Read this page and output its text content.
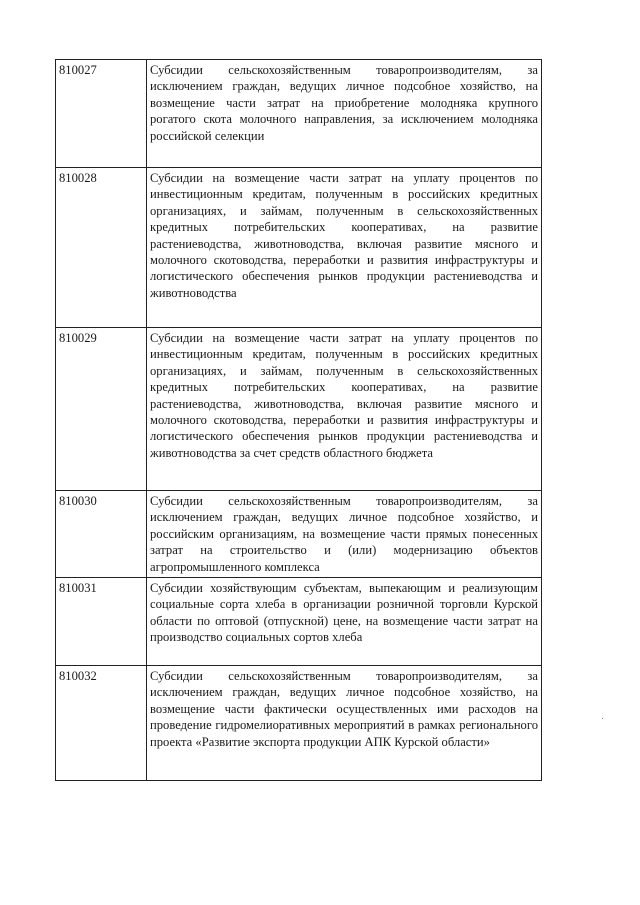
810027	Субсидии сельскохозяйственным товаропроизводителям, за исключением граждан, ведущих личное подсобное хозяйство, на возмещение части затрат на приобретение молодняка крупного рогатого скота молочного направления, за исключением молодняка российской селекции
810028	Субсидии на возмещение части затрат на уплату процентов по инвестиционным кредитам, полученным в российских кредитных организациях, и займам, полученным в сельскохозяйственных кредитных потребительских кооперативах, на развитие растениеводства, животноводства, включая развитие мясного и молочного скотоводства, переработки и развития инфраструктуры и логистического обеспечения рынков продукции растениеводства и животноводства
810029	Субсидии на возмещение части затрат на уплату процентов по инвестиционным кредитам, полученным в российских кредитных организациях, и займам, полученным в сельскохозяйственных кредитных потребительских кооперативах, на развитие растениеводства, животноводства, включая развитие мясного и молочного скотоводства, переработки и развития инфраструктуры и логистического обеспечения рынков продукции растениеводства и животноводства за счет средств областного бюджета
810030	Субсидии сельскохозяйственным товаропроизводителям, за исключением граждан, ведущих личное подсобное хозяйство, и российским организациям, на возмещение части прямых понесенных затрат на строительство и (или) модернизацию объектов агропромышленного комплекса
810031	Субсидии хозяйствующим субъектам, выпекающим и реализующим социальные сорта хлеба в организации розничной торговли Курской области по оптовой (отпускной) цене, на возмещение части затрат на производство социальных сортов хлеба
810032	Субсидии сельскохозяйственным товаропроизводителям, за исключением граждан, ведущих личное подсобное хозяйство, на возмещение части фактически осуществленных ими расходов на проведение гидромелиоративных мероприятий в рамках регионального проекта «Развитие экспорта продукции АПК Курской области»
